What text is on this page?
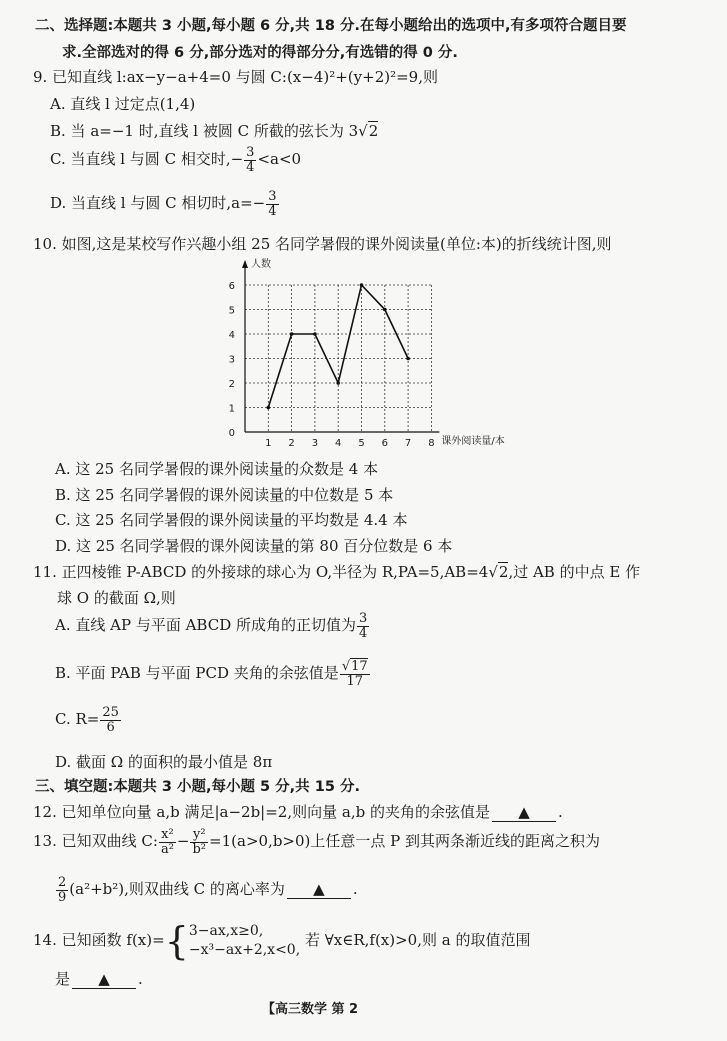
二、选择题:本题共 3 小题,每小题 6 分,共 18 分.在每小题给出的选项中,有多项符合题目要
求.全部选对的得 6 分,部分选对的得部分分,有选错的得 0 分.
9. 已知直线 l:ax−y−a+4=0 与圆 C:(x−4)²+(y+2)²=9,则
A. 直线 l 过定点(1,4)
B. 当 a=−1 时,直线 l 被圆 C 所截的弦长为 3√2
C. 当直线 l 与圆 C 相交时,− $\frac{3}{4} <a<0$
D. 当直线 l 与圆 C 相切时$,a=- \frac{3}{4}$
10. 如图,这是某校写作兴趣小组 25 名同学暑假的课外阅读量(单位:本)的折线统计图,则
1 2 3 4 5 6 7 8
1
2
3
4
5
6
0
人数
课外阅读量/本
A. 这 25 名同学暑假的课外阅读量的众数是 4 本
B. 这 25 名同学暑假的课外阅读量的中位数是 5 本
C. 这 25 名同学暑假的课外阅读量的平均数是 4.4 本
D. 这 25 名同学暑假的课外阅读量的第 80 百分位数是 6 本
11. 正四棱锥 P-ABCD 的外接球的球心为 O,半径为 R,PA=5,AB=4√2,过 AB 的中点 E 作
球 O 的截面 Ω,则
A. 直线 AP 与平面 ABCD 所成角的正切值为 $\frac{3}{4}$
B. 平面 PAB 与平面 PCD 夹角的余弦值是 $\frac{√17}{17}$
C. $R= \frac{25}{6}$
D. 截面 Ω 的面积的最小值是 8π
三、填空题:本题共 3 小题,每小题 5 分,共 15 分.
12. 已知单位向量 a,b 满足|a−2b|=2,则向量 a,b 的夹角的余弦值是 ▲ .
13. 已知双曲线 C: $\frac{\text{x²}}{\text{a²}} - \frac{\text{y²}}{\text{b²}} =1(a>0,b>0)$上任意一点 P 到其两条渐近线的距离之积为
$\frac{2}{9} (a^2+b^2)$,则双曲线 C 的离心率为 ▲ .
14. 已知函数 f(x)={ 3−ax,x≥0,
−x³−ax+2,x<0,
若 ∀x∈R,f(x)>0,则 a 的取值范围
是 ▲ .
【高三数学 第 2
